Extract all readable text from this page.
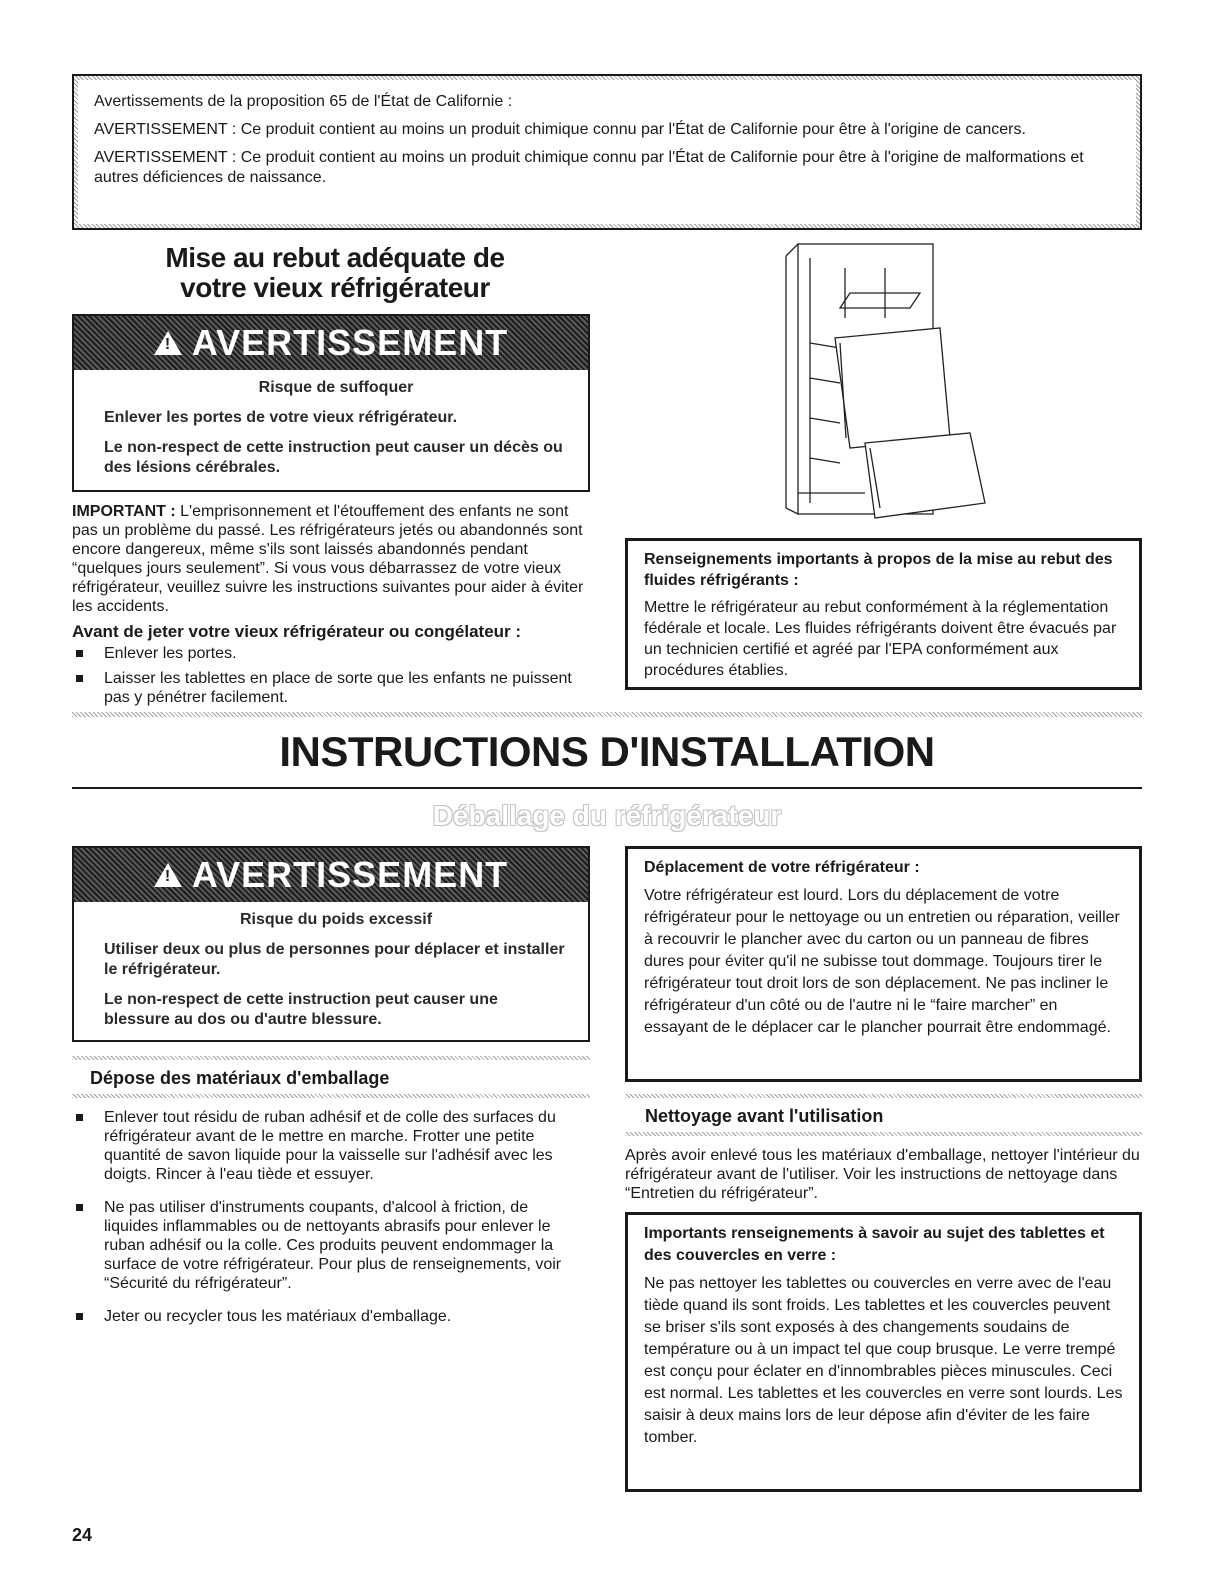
Avertissements de la proposition 65 de l'État de Californie :

AVERTISSEMENT : Ce produit contient au moins un produit chimique connu par l'État de Californie pour être à l'origine de cancers.

AVERTISSEMENT : Ce produit contient au moins un produit chimique connu par l'État de Californie pour être à l'origine de malformations et autres déficiences de naissance.

Mise au rebut adéquate de
votre vieux réfrigérateur
! AVERTISSEMENT

Risque de suffoquer

Enlever les portes de votre vieux réfrigérateur.

Le non-respect de cette instruction peut causer un décès ou des lésions cérébrales.

IMPORTANT : L'emprisonnement et l'étouffement des enfants ne sont pas un problème du passé. Les réfrigérateurs jetés ou abandonnés sont encore dangereux, même s'ils sont laissés abandonnés pendant “quelques jours seulement”. Si vous vous débarrassez de votre vieux réfrigérateur, veuillez suivre les instructions suivantes pour aider à éviter les accidents.

Avant de jeter votre vieux réfrigérateur ou congélateur :
Enlever les portes.
Laisser les tablettes en place de sorte que les enfants ne puissent pas y pénétrer facilement.
Renseignements importants à propos de la mise au rebut des fluides réfrigérants :

Mettre le réfrigérateur au rebut conformément à la réglementation fédérale et locale. Les fluides réfrigérants doivent être évacués par un technicien certifié et agréé par l'EPA conformément aux procédures établies.

INSTRUCTIONS D'INSTALLATION
Déballage du réfrigérateur
! AVERTISSEMENT

Risque du poids excessif

Utiliser deux ou plus de personnes pour déplacer et installer le réfrigérateur.

Le non-respect de cette instruction peut causer une blessure au dos ou d'autre blessure.

Dépose des matériaux d'emballage
Enlever tout résidu de ruban adhésif et de colle des surfaces du réfrigérateur avant de le mettre en marche. Frotter une petite quantité de savon liquide pour la vaisselle sur l'adhésif avec les doigts. Rincer à l'eau tiède et essuyer.
Ne pas utiliser d'instruments coupants, d'alcool à friction, de liquides inflammables ou de nettoyants abrasifs pour enlever le ruban adhésif ou la colle. Ces produits peuvent endommager la surface de votre réfrigérateur. Pour plus de renseignements, voir “Sécurité du réfrigérateur”.
Jeter ou recycler tous les matériaux d'emballage.
Déplacement de votre réfrigérateur :

Votre réfrigérateur est lourd. Lors du déplacement de votre réfrigérateur pour le nettoyage ou un entretien ou réparation, veiller à recouvrir le plancher avec du carton ou un panneau de fibres dures pour éviter qu'il ne subisse tout dommage. Toujours tirer le réfrigérateur tout droit lors de son déplacement. Ne pas incliner le réfrigérateur d'un côté ou de l'autre ni le “faire marcher” en essayant de le déplacer car le plancher pourrait être endommagé.

Nettoyage avant l'utilisation
Après avoir enlevé tous les matériaux d'emballage, nettoyer l'intérieur du réfrigérateur avant de l'utiliser. Voir les instructions de nettoyage dans “Entretien du réfrigérateur”.
Importants renseignements à savoir au sujet des tablettes et des couvercles en verre :

Ne pas nettoyer les tablettes ou couvercles en verre avec de l'eau tiède quand ils sont froids. Les tablettes et les couvercles peuvent se briser s'ils sont exposés à des changements soudains de température ou à un impact tel que coup brusque. Le verre trempé est conçu pour éclater en d'innombrables pièces minuscules. Ceci est normal. Les tablettes et les couvercles en verre sont lourds. Les saisir à deux mains lors de leur dépose afin d'éviter de les faire tomber.

24
